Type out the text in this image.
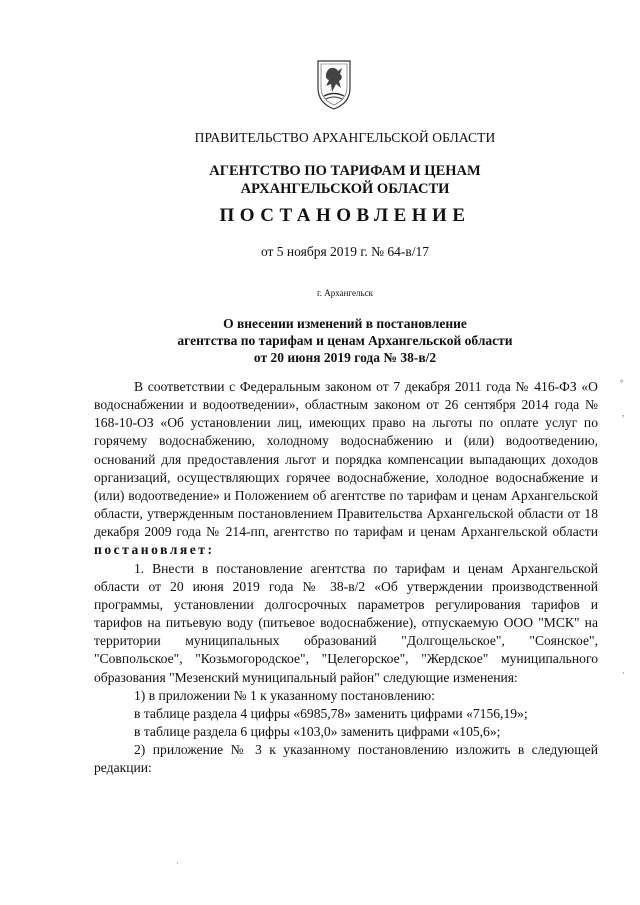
ПРАВИТЕЛЬСТВО АРХАНГЕЛЬСКОЙ ОБЛАСТИ
АГЕНТСТВО ПО ТАРИФАМ И ЦЕНАМ
АРХАНГЕЛЬСКОЙ ОБЛАСТИ
ПОСТАНОВЛЕНИЕ
от 5 ноября 2019 г. № 64-в/17
г. Архангельск
О внесении изменений в постановление
агентства по тарифам и ценам Архангельской области
от 20 июня 2019 года № 38-в/2

В соответствии с Федеральным законом от 7 декабря 2011 года № 416-ФЗ «О водоснабжении и водоотведении», областным законом от 26 сентября 2014 года № 168-10-ОЗ «Об установлении лиц, имеющих право на льготы по оплате услуг по горячему водоснабжению, холодному водоснабжению и (или) водоотведению, оснований для предоставления льгот и порядка компенсации выпадающих доходов организаций, осуществляющих горячее водоснабжение, холодное водоснабжение и (или) водоотведение» и Положением об агентстве по тарифам и ценам Архангельской области, утвержденным постановлением Правительства Архангельской области от 18 декабря 2009 года № 214-пп, агентство по тарифам и ценам Архангельской области постановляет:

1. Внести в постановление агентства по тарифам и ценам Архангельской области от 20 июня 2019 года № 38-в/2 «Об утверждении производственной программы, установлении долгосрочных параметров регулирования тарифов и тарифов на питьевую воду (питьевое водоснабжение), отпускаемую ООО "МСК" на территории муниципальных образований "Долгощельское", "Соянское", "Совпольское", "Козьмогородское", "Целегорское", "Жердское" муниципального образования "Мезенский муниципальный район" следующие изменения:

1) в приложении № 1 к указанному постановлению:

в таблице раздела 4 цифры «6985,78» заменить цифрами «7156,19»;

в таблице раздела 6 цифры «103,0» заменить цифрами «105,6»;

2) приложение № 3 к указанному постановлению изложить в следующей редакции:

°
,
·
·
